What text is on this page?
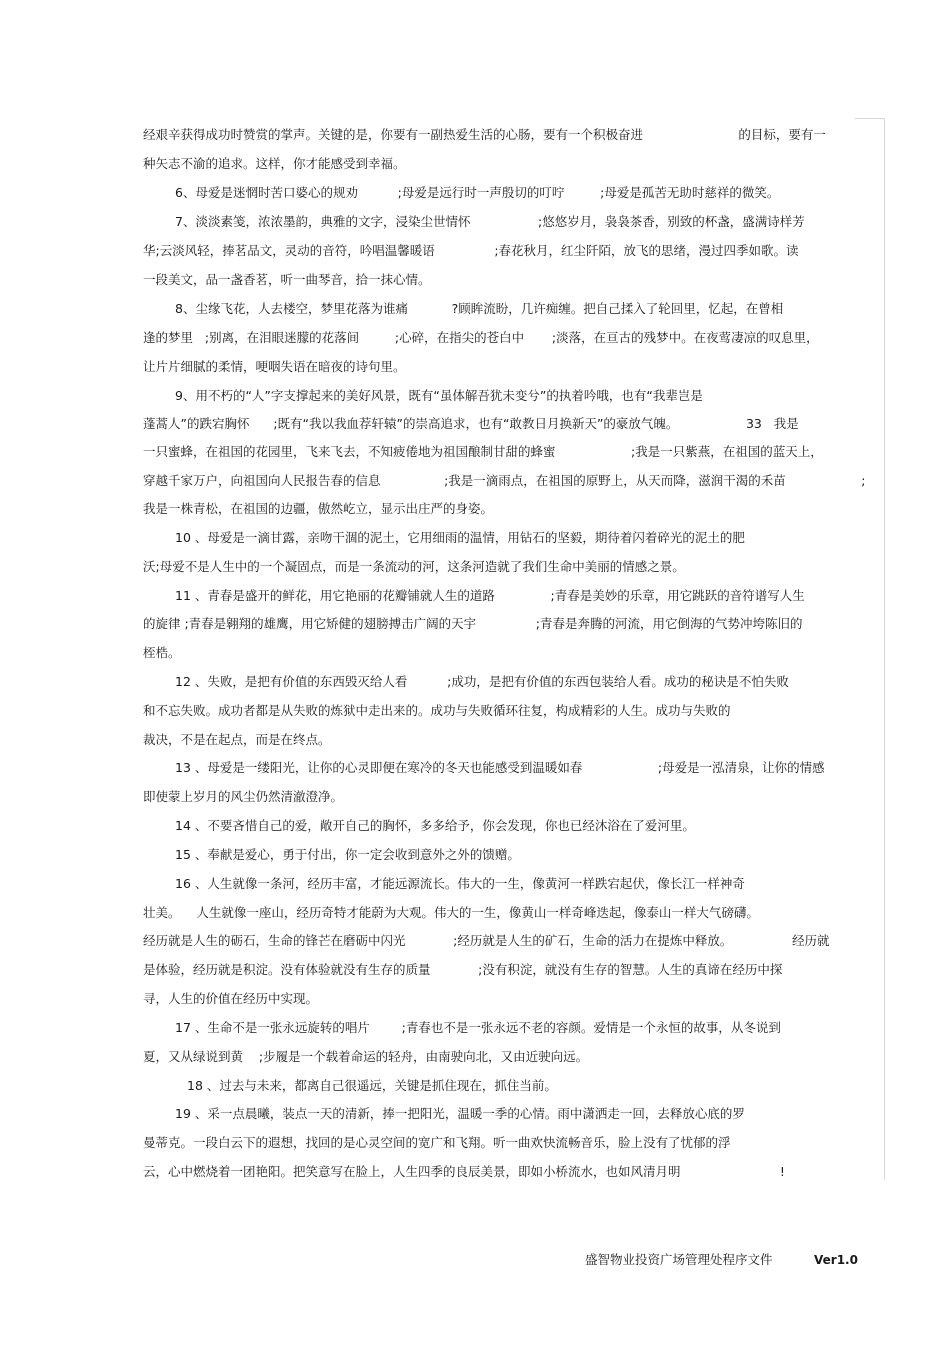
经艰辛获得成功时赞赏的掌声。关键的是，你要有一副热爱生活的心肠，要有一个积极奋进                        的目标，要有一
种矢志不渝的追求。这样，你才能感受到幸福。
6、母爱是迷惘时苦口婆心的规劝          ;母爱是远行时一声殷切的叮咛         ;母爱是孤苦无助时慈祥的微笑。
7、淡淡素笺，浓浓墨韵，典雅的文字，浸染尘世情怀                 ;悠悠岁月，袅袅茶香，别致的杯盏，盛满诗样芳
华;云淡风轻，捧茗品文，灵动的音符，吟唱温馨暖语               ;春花秋月，红尘阡陌，放飞的思绪，漫过四季如歌。读
一段美文，品一盏香茗，听一曲琴音，拾一抹心情。
8、尘缘飞花，人去楼空，梦里花落为谁痛           ?顾眸流盼，几许痴缠。把自己揉入了轮回里，忆起，在曾相
逢的梦里   ;别离，在泪眼迷朦的花落间         ;心碎，在指尖的苍白中       ;淡落，在亘古的残梦中。在夜莺凄凉的叹息里，
让片片细腻的柔情，哽咽失语在暗夜的诗句里。
9、用不朽的“人”字支撑起来的美好风景，既有“虽体解吾犹未变兮”的执着吟哦，也有“我辈岂是
蓬蒿人”的跌宕胸怀      ;既有“我以我血荐轩辕”的崇高追求，也有“敢教日月换新天”的豪放气魄。                 33   我是
一只蜜蜂，在祖国的花园里，飞来飞去，不知疲倦地为祖国酿制甘甜的蜂蜜                   ;我是一只紫燕，在祖国的蓝天上，
穿越千家万户，向祖国向人民报告春的信息                ;我是一滴雨点，在祖国的原野上，从天而降，滋润干渴的禾苗                   ;
我是一株青松，在祖国的边疆，傲然屹立，显示出庄严的身姿。
10 、母爱是一滴甘露，亲吻干涸的泥土，它用细雨的温情，用钻石的坚毅，期待着闪着碎光的泥土的肥
沃;母爱不是人生中的一个凝固点，而是一条流动的河，这条河造就了我们生命中美丽的情感之景。
11 、青春是盛开的鲜花，用它艳丽的花瓣铺就人生的道路              ;青春是美妙的乐章，用它跳跃的音符谱写人生
的旋律 ;青春是翱翔的雄鹰，用它矫健的翅膀搏击广阔的天宇               ;青春是奔腾的河流，用它倒海的气势冲垮陈旧的
桎梏。
12 、失败，是把有价值的东西毁灭给人看          ;成功，是把有价值的东西包装给人看。成功的秘诀是不怕失败
和不忘失败。成功者都是从失败的炼狱中走出来的。成功与失败循环往复，构成精彩的人生。成功与失败的
裁决，不是在起点，而是在终点。
13 、母爱是一缕阳光，让你的心灵即便在寒冷的冬天也能感受到温暖如春                   ;母爱是一泓清泉，让你的情感
即使蒙上岁月的风尘仍然清澈澄净。
14 、不要吝惜自己的爱，敞开自己的胸怀，多多给予，你会发现，你也已经沐浴在了爱河里。
15 、奉献是爱心，勇于付出，你一定会收到意外之外的馈赠。
16 、人生就像一条河，经历丰富，才能远源流长。伟大的一生，像黄河一样跌宕起伏，像长江一样神奇
壮美。    人生就像一座山，经历奇特才能蔚为大观。伟大的一生，像黄山一样奇峰迭起，像泰山一样大气磅礴。
经历就是人生的砺石，生命的锋芒在磨砺中闪光            ;经历就是人生的矿石，生命的活力在提炼中释放。               经历就
是体验，经历就是积淀。没有体验就没有生存的质量            ;没有积淀，就没有生存的智慧。人生的真谛在经历中探
寻，人生的价值在经历中实现。
17 、生命不是一张永远旋转的唱片        ;青春也不是一张永远不老的容颜。爱情是一个永恒的故事，从冬说到
夏，又从绿说到黄    ;步履是一个载着命运的轻舟，由南驶向北，又由近驶向远。
18 、过去与未来，都离自己很遥远，关键是抓住现在，抓住当前。
19 、采一点晨曦，装点一天的清新，捧一把阳光，温暖一季的心情。雨中潇洒走一回，去释放心底的罗
曼蒂克。一段白云下的遐想，找回的是心灵空间的宽广和飞翔。听一曲欢快流畅音乐，脸上没有了忧郁的浮
云，心中燃烧着一团艳阳。把笑意写在脸上，人生四季的良辰美景，即如小桥流水，也如风清月明                         !
盛智物业投资广场管理处程序文件	Ver1.0
